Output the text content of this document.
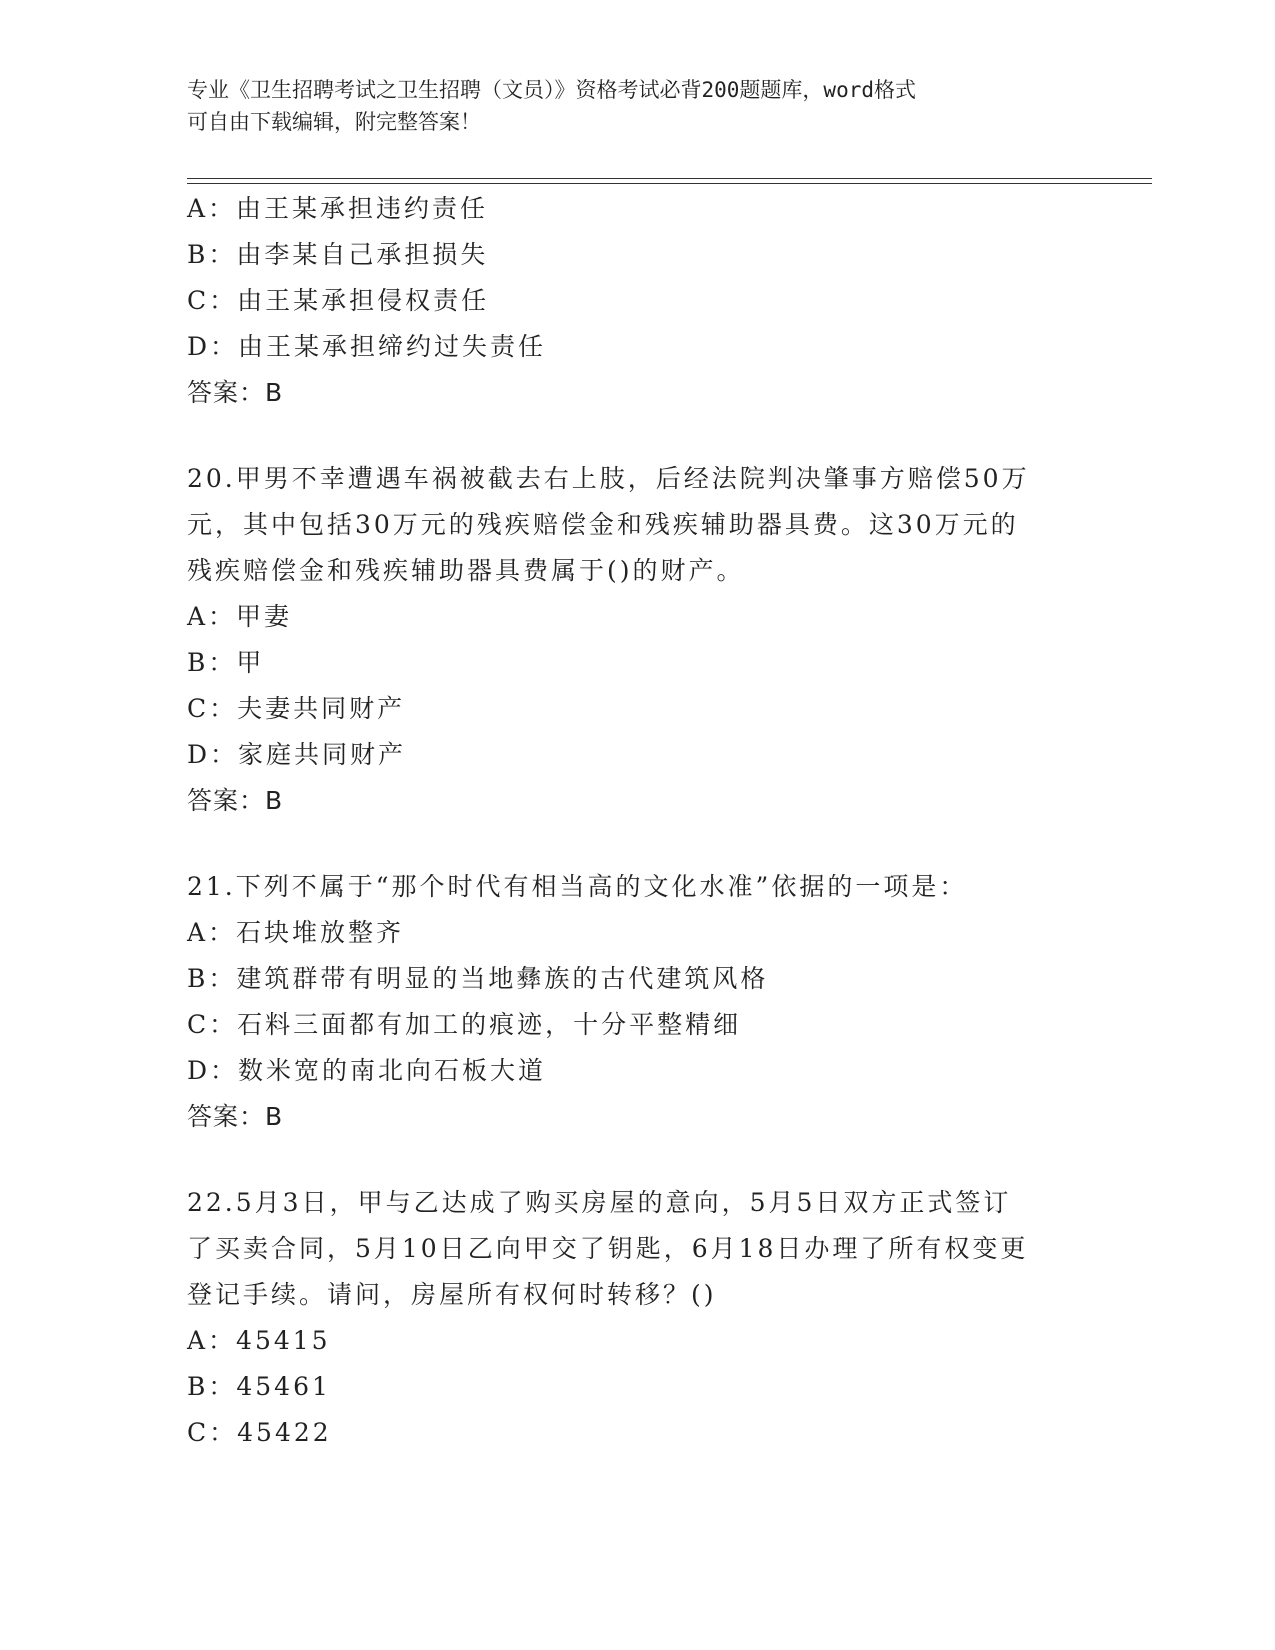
专业《卫生招聘考试之卫生招聘（文员）》资格考试必背200题题库，word格式
可自由下载编辑，附完整答案！
A：由王某承担违约责任
B：由李某自己承担损失
C：由王某承担侵权责任
D：由王某承担缔约过失责任
答案：B
20.甲男不幸遭遇车祸被截去右上肢，后经法院判决肇事方赔偿50万
元，其中包括30万元的残疾赔偿金和残疾辅助器具费。这30万元的
残疾赔偿金和残疾辅助器具费属于()的财产。
A：甲妻
B：甲
C：夫妻共同财产
D：家庭共同财产
答案：B
21.下列不属于“那个时代有相当高的文化水准”依据的一项是：
A：石块堆放整齐
B：建筑群带有明显的当地彝族的古代建筑风格
C：石料三面都有加工的痕迹，十分平整精细
D：数米宽的南北向石板大道
答案：B
22.5月3日，甲与乙达成了购买房屋的意向，5月5日双方正式签订
了买卖合同，5月10日乙向甲交了钥匙，6月18日办理了所有权变更
登记手续。请问，房屋所有权何时转移？()
A：45415
B：45461
C：45422
